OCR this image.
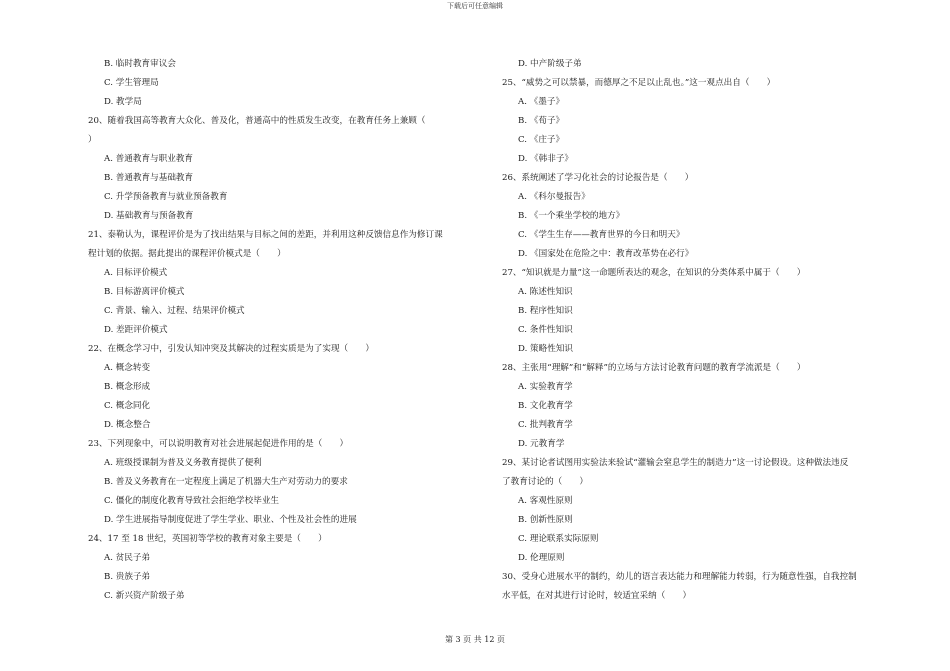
下载后可任意编辑
B. 临时教育审议会
C. 学生管理局
D. 教学局
20、随着我国高等教育大众化、普及化，普通高中的性质发生改变，在教育任务上兼顾（
）
A. 普通教育与职业教育
B. 普通教育与基础教育
C. 升学预备教育与就业预备教育
D. 基础教育与预备教育
21、泰勒认为，课程评价是为了找出结果与目标之间的差距，并利用这种反馈信息作为修订课
程计划的依据。据此提出的课程评价模式是（　　）
A. 目标评价模式
B. 目标游离评价模式
C. 背景、输入、过程、结果评价模式
D. 差距评价模式
22、在概念学习中，引发认知冲突及其解决的过程实质是为了实现（　　）
A. 概念转变
B. 概念形成
C. 概念同化
D. 概念整合
23、下列现象中，可以说明教育对社会进展起促进作用的是（　　）
A. 班级授课制为普及义务教育提供了便利
B. 普及义务教育在一定程度上满足了机器大生产对劳动力的要求
C. 僵化的制度化教育导致社会拒绝学校毕业生
D. 学生进展指导制度促进了学生学业、职业、个性及社会性的进展
24、17 至 18 世纪，英国初等学校的教育对象主要是（　　）
A. 贫民子弟
B. 贵族子弟
C. 新兴资产阶级子弟
D. 中产阶级子弟
25、“威势之可以禁暴，而德厚之不足以止乱也。”这一观点出自（　　）
A. 《墨子》
B. 《荀子》
C. 《庄子》
D. 《韩非子》
26、系统阐述了学习化社会的讨论报告是（　　）
A. 《科尔曼报告》
B. 《一个乘坐学校的地方》
C. 《学生生存——教育世界的今日和明天》
D. 《国家处在危险之中：教育改革势在必行》
27、“知识就是力量”这一命题所表达的观念，在知识的分类体系中属于（　　）
A. 陈述性知识
B. 程序性知识
C. 条件性知识
D. 策略性知识
28、主张用“理解”和“解释”的立场与方法讨论教育问题的教育学流派是（　　）
A. 实验教育学
B. 文化教育学
C. 批判教育学
D. 元教育学
29、某讨论者试图用实验法来验试“灌输会窒息学生的制造力”这一讨论假设。这种做法违反
了教育讨论的（　　）
A. 客观性原则
B. 创新性原则
C. 理论联系实际原则
D. 伦理原则
30、受身心进展水平的制约，幼儿的语言表达能力和理解能力转弱，行为随意性强，自我控制
水平低，在对其进行讨论时，较适宜采纳（　　）
第 3 页 共 12 页
